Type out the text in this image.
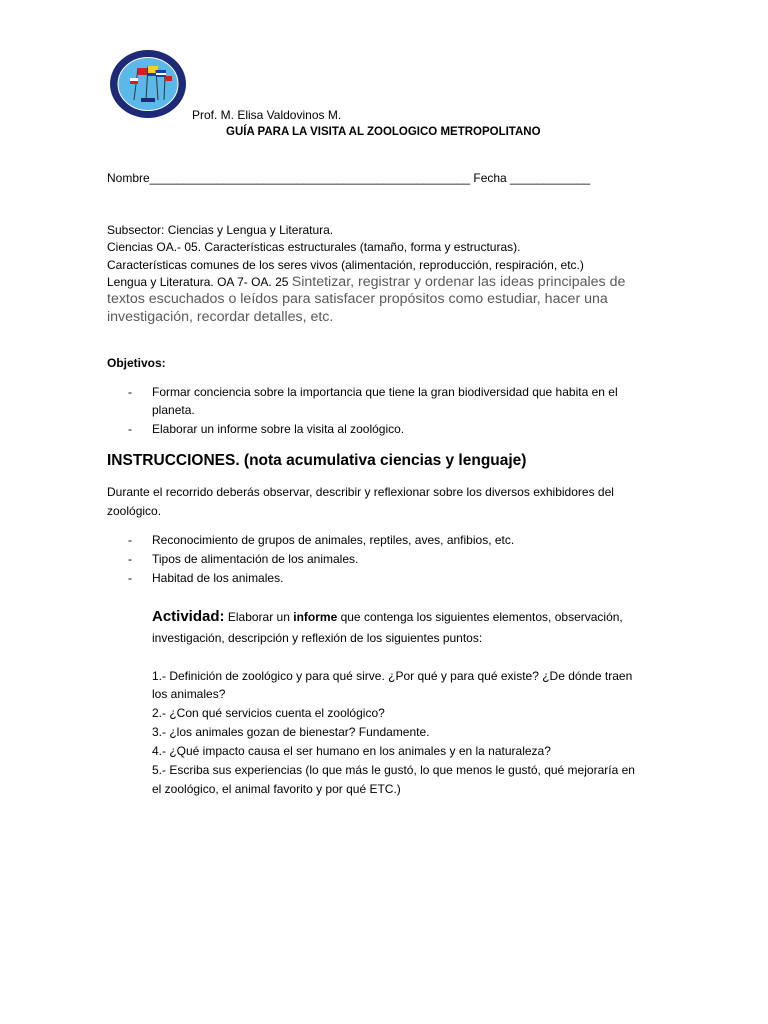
Prof. M. Elisa Valdovinos M.
GUÍA PARA LA VISITA AL ZOOLOGICO METROPOLITANO
Nombre________________________________________________ Fecha ____________
Subsector: Ciencias y Lengua y Literatura.
Ciencias OA.- 05. Características estructurales (tamaño, forma y estructuras).
Características comunes de los seres vivos (alimentación, reproducción, respiración, etc.)
Lengua y Literatura. OA 7- OA. 25 Sintetizar, registrar y ordenar las ideas principales de
textos escuchados o leídos para satisfacer propósitos como estudiar, hacer una
investigación, recordar detalles, etc.
Objetivos:
- Formar conciencia sobre la importancia que tiene la gran biodiversidad que habita en el
planeta.
- Elaborar un informe sobre la visita al zoológico.
INSTRUCCIONES. (nota acumulativa ciencias y lenguaje)
Durante el recorrido deberás observar, describir y reflexionar sobre los diversos exhibidores del
zoológico.
- Reconocimiento de grupos de animales, reptiles, aves, anfibios, etc.
- Tipos de alimentación de los animales.
- Habitad de los animales.
Actividad: Elaborar un informe que contenga los siguientes elementos, observación,
investigación, descripción y reflexión de los siguientes puntos:
1.- Definición de zoológico y para qué sirve. ¿Por qué y para qué existe? ¿De dónde traen
los animales?
2.- ¿Con qué servicios cuenta el zoológico?
3.- ¿los animales gozan de bienestar? Fundamente.
4.- ¿Qué impacto causa el ser humano en los animales y en la naturaleza?
5.- Escriba sus experiencias (lo que más le gustó, lo que menos le gustó, qué mejoraría en
el zoológico, el animal favorito y por qué ETC.)
